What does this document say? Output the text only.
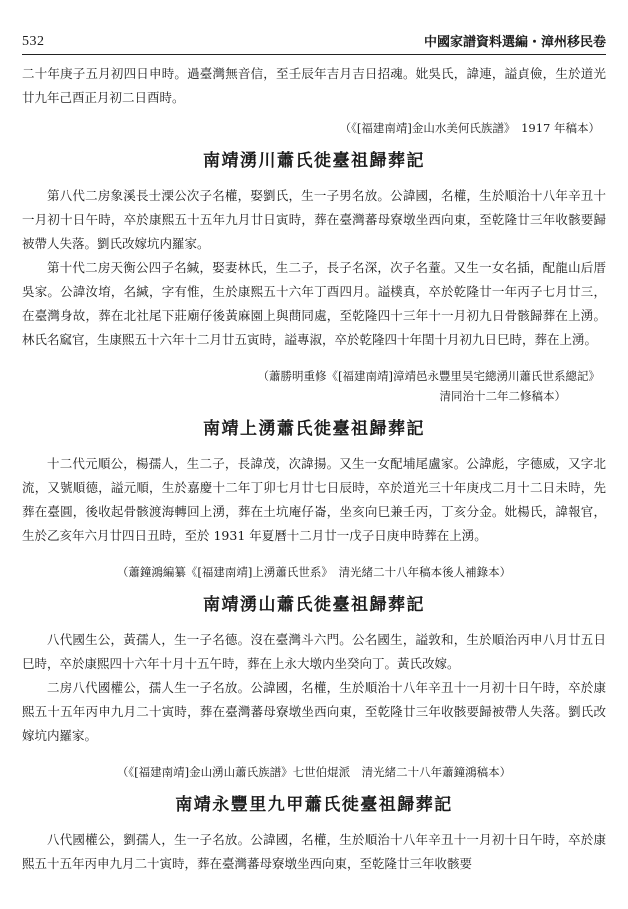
532	中國家譜資料選編・漳州移民卷

二十年庚子五月初四日申時。過臺灣無音信，至壬辰年吉月吉日招魂。妣吳氏，諱連，謚貞儉，生於道光廿九年己酉正月初二日酉時。

（《[福建南靖]金山水美何氏族譜》　1917 年稿本）

南靖湧川蕭氏徙臺祖歸葬記

第八代二房象溪長士溧公次子名權，娶劉氏，生一子男名放。公諱國，名權，生於順治十八年辛丑十一月初十日午時，卒於康熙五十五年九月廿日寅時，葬在臺灣蕃母寮墩坐西向東，至乾隆廿三年收骸要歸被帶人失落。劉氏改嫁坑内羅家。

第十代二房天衡公四子名緘，娶妻林氏，生二子，長子名深，次子名蕫。又生一女名插，配龍山后厝吳家。公諱汝堉，名緘，字有惟，生於康熙五十六年丁酉四月。謚樸真，卒於乾隆廿一年丙子七月廿三，在臺灣身故，葬在北社尾下莊廟仔後黃麻園上與蔄同處，至乾隆四十三年十一月初九日骨骸歸葬在上湧。林氏名窳官，生康熙五十六年十二月廿五寅時，謚專淑，卒於乾隆四十年閏十月初九日巳時，葬在上湧。

（蕭勝明重修《[福建南靖]漳靖邑永豐里吴宅總湧川蕭氏世系總記》

清同治十二年二修稿本）

南靖上湧蕭氏徙臺祖歸葬記

十二代元順公，楊孺人，生二子，長諱茂，次諱揚。又生一女配埔尾盧家。公諱彪，字德威，又字北流，又號順德，謚元順，生於嘉慶十二年丁卯七月廿七日辰時，卒於道光三十年庚戌二月十二日未時，先葬在臺圓，後收起骨骸渡海轉回上湧，葬在土坑庵仔崙，坐亥向巳兼壬丙，丁亥分金。妣楊氏，諱報官，生於乙亥年六月廿四日丑時，至於 1931 年夏曆十二月廿一戊子日庚申時葬在上湧。

（蕭鐘鴻編纂《[福建南靖]上湧蕭氏世系》　清光緒二十八年稿本後人補錄本）

南靖湧山蕭氏徙臺祖歸葬記

八代國生公，黃孺人，生一子名德。沒在臺灣斗六門。公名國生，謚敦和，生於順治丙申八月廿五日巳時，卒於康熙四十六年十月十五午時，葬在上永大墩内坐癸向丁。黃氏改嫁。

二房八代國權公，孺人生一子名放。公諱國，名權，生於順治十八年辛丑十一月初十日午時，卒於康熙五十五年丙申九月二十寅時，葬在臺灣蕃母寮墩坐西向東，至乾隆廿三年收骸要歸被帶人失落。劉氏改嫁坑内羅家。

（《[福建南靖]金山湧山蕭氏族譜》七世伯焜派　清光緒二十八年蕭鐘鴻稿本）

南靖永豐里九甲蕭氏徙臺祖歸葬記

八代國權公，劉孺人，生一子名放。公諱國，名權，生於順治十八年辛丑十一月初十日午時，卒於康熙五十五年丙申九月二十寅時，葬在臺灣蕃母寮墩坐西向東，至乾隆廿三年收骸要
